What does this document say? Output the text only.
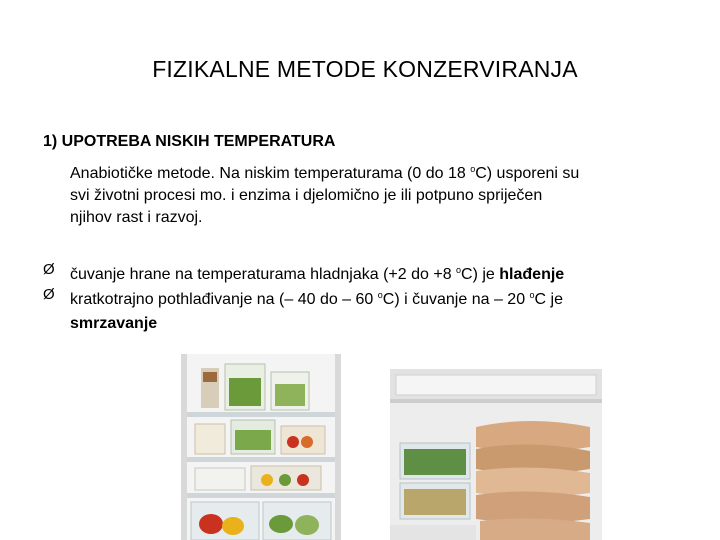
FIZIKALNE METODE KONZERVIRANJA
1) UPOTREBA NISKIH TEMPERATURA
Anabiotičke metode. Na niskim temperaturama (0 do 18 $^o$C) usporeni su
svi životni procesi mo. i enzima i djelomično je ili potpuno spriječen
njihov rast i razvoj.
Ø čuvanje hrane na temperaturama hladnjaka (+2 do +8 $^o$C) je hlađenje
Ø kratkotrajno pothlađivanje na (– 40 do – 60 $^o$C) i čuvanje na – 20 $^o$C je
smrzavanje
